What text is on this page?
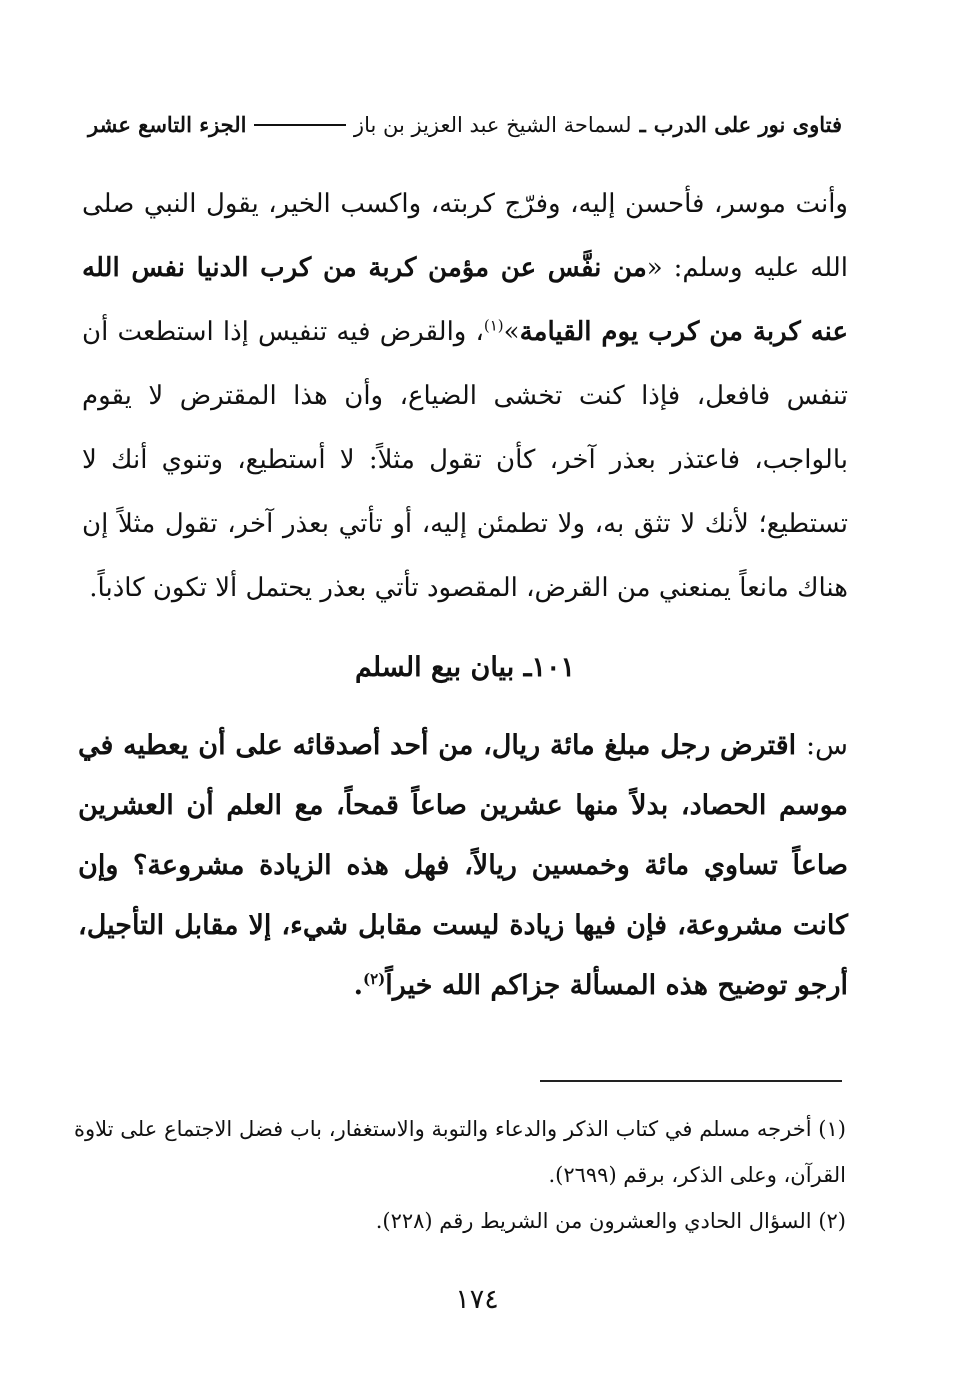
فتاوى نور على الدرب
ـ
لسماحة الشيخ عبد العزيز بن باز
الجزء التاسع عشر
وأنت موسر، فأحسن إليه، وفرّج كربته، واكسب الخير، يقول النبي صلى الله عليه وسلم: «من نفَّس عن مؤمن كربة من كرب الدنيا نفس الله عنه كربة من كرب يوم القيامة»$^{(١)}$، والقرض فيه تنفيس إذا استطعت أن تنفس فافعل، فإذا كنت تخشى الضياع، وأن هذا المقترض لا يقوم بالواجب، فاعتذر بعذر آخر، كأن تقول مثلاً: لا أستطيع، وتنوي أنك لا تستطيع؛ لأنك لا تثق به، ولا تطمئن إليه، أو تأتي بعذر آخر، تقول مثلاً إن هناك مانعاً يمنعني من القرض، المقصود تأتي بعذر يحتمل ألا تكون كاذباً.
١٠١ـ بيان بيع السلم
س: اقترض رجل مبلغ مائة ريال، من أحد أصدقائه على أن يعطيه في موسم الحصاد، بدلاً منها عشرين صاعاً قمحاً، مع العلم أن العشرين صاعاً تساوي مائة وخمسين ريالاً، فهل هذه الزيادة مشروعة؟ وإن كانت مشروعة، فإن فيها زيادة ليست مقابل شيء، إلا مقابل التأجيل، أرجو توضيح هذه المسألة جزاكم الله خيراً$^{(٢)}$.

(١) أخرجه مسلم في كتاب الذكر والدعاء والتوبة والاستغفار، باب فضل الاجتماع على تلاوة القرآن، وعلى الذكر، برقم (٢٦٩٩).

(٢) السؤال الحادي والعشرون من الشريط رقم (٢٢٨).

١٧٤
